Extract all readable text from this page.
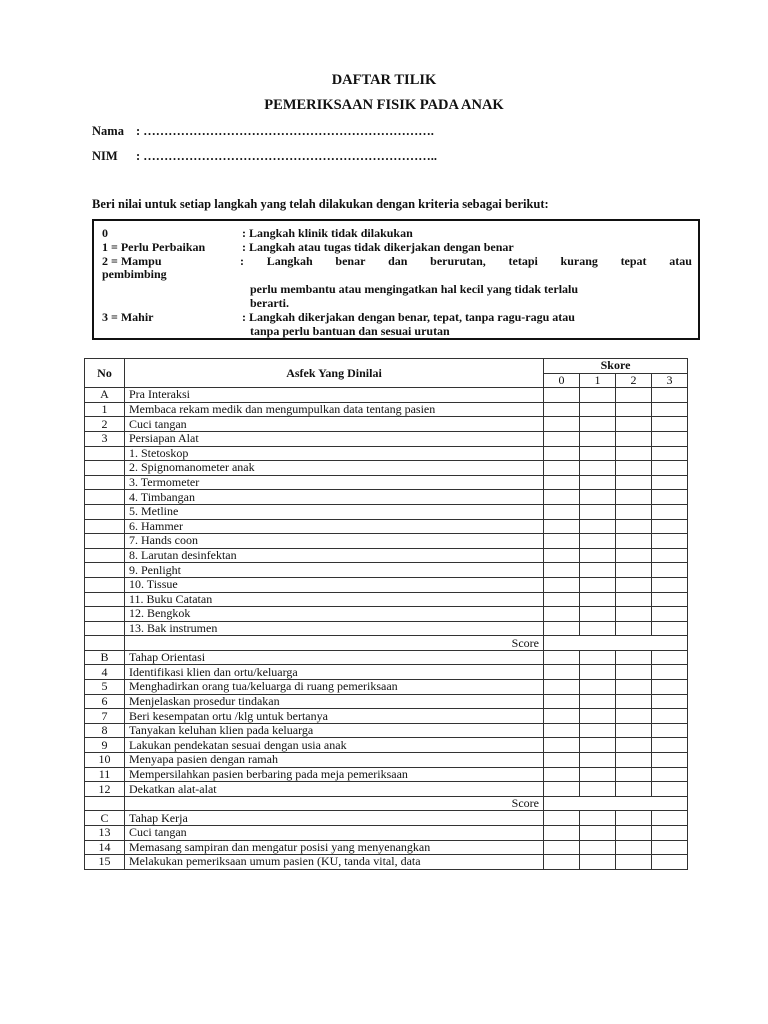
DAFTAR TILIK
PEMERIKSAAN FISIK PADA ANAK
Nama : …………………………………………………………….
NIM : ……………………………………………………………..
Beri nilai untuk setiap langkah yang telah dilakukan dengan kriteria sebagai berikut:
0	: Langkah klinik tidak dilakukan
1 = Perlu Perbaikan	: Langkah atau tugas tidak dikerjakan dengan benar
2 = Mampu	: Langkah benar dan berurutan, tetapi kurang tepat atau
pembimbing
perlu membantu atau mengingatkan hal kecil yang tidak terlalu
berarti.
3 = Mahir	: Langkah dikerjakan dengan benar, tepat, tanpa ragu-ragu atau
tanpa perlu bantuan dan sesuai urutan
No	Asfek Yang Dinilai	Skore			
		0	1	2	3
A	Pra Interaksi				
1	Membaca rekam medik dan mengumpulkan data tentang pasien				
2	Cuci tangan				
3	Persiapan Alat				
	1. Stetoskop				
	2. Spignomanometer anak				
	3. Termometer				
	4. Timbangan				
	5. Metline				
	6. Hammer				
	7. Hands coon				
	8. Larutan desinfektan				
	9. Penlight				
	10. Tissue				
	11. Buku Catatan				
	12. Bengkok				
	13. Bak instrumen				
	Score				
B	Tahap Orientasi				
4	Identifikasi klien dan ortu/keluarga				
5	Menghadirkan orang tua/keluarga di ruang pemeriksaan				
6	Menjelaskan prosedur tindakan				
7	Beri kesempatan ortu /klg untuk bertanya				
8	Tanyakan keluhan klien pada keluarga				
9	Lakukan pendekatan sesuai dengan usia anak				
10	Menyapa pasien dengan ramah				
11	Mempersilahkan pasien berbaring pada meja pemeriksaan				
12	Dekatkan alat-alat				
	Score				
C	Tahap Kerja				
13	Cuci tangan				
14	Memasang sampiran dan mengatur posisi yang menyenangkan				
15	Melakukan pemeriksaan umum pasien (KU, tanda vital, data				
